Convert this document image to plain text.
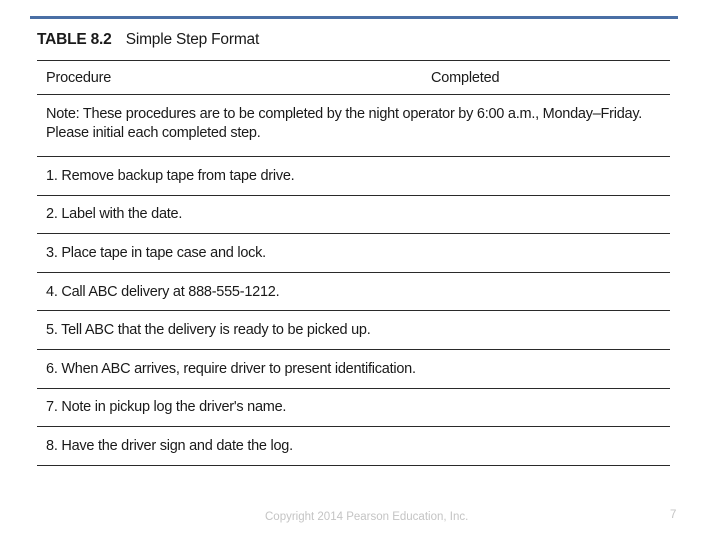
TABLE 8.2 Simple Step Format
Procedure	Completed
Note: These procedures are to be completed by the night operator by 6:00 a.m., Monday–Friday.
Please initial each completed step.
1. Remove backup tape from tape drive.
2. Label with the date.
3. Place tape in tape case and lock.
4. Call ABC delivery at 888-555-1212.
5. Tell ABC that the delivery is ready to be picked up.
6. When ABC arrives, require driver to present identification.
7. Note in pickup log the driver's name.
8. Have the driver sign and date the log.
Copyright 2014 Pearson Education, Inc.	7
